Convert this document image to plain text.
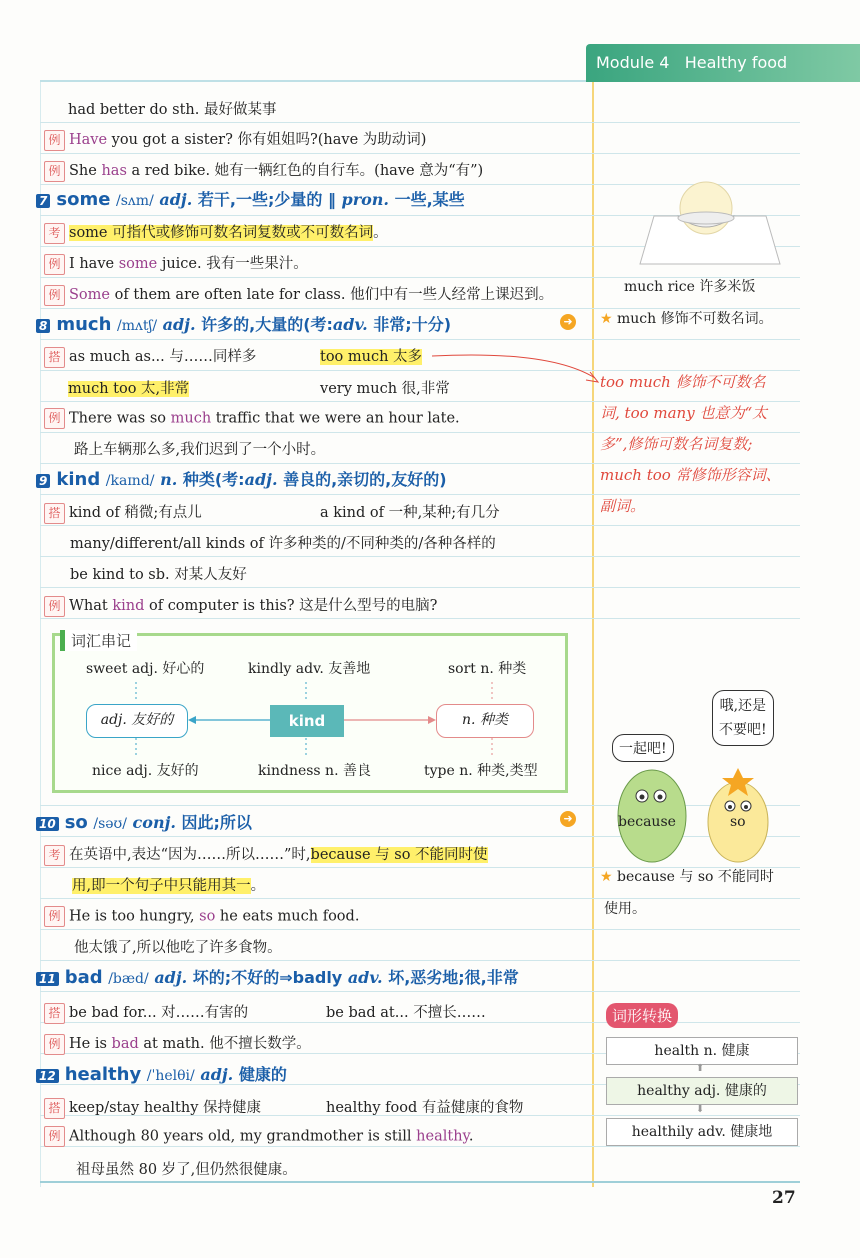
Module 4 Healthy food
had better do sth. 最好做某事
例 Have you got a sister? 你有姐姐吗?(have 为助动词)
例 She has a red bike. 她有一辆红色的自行车。(have 意为“有”)
7 some /sʌm/ adj. 若干,一些;少量的 ‖ pron. 一些,某些
考 some 可指代或修饰可数名词复数或不可数名词。
例 I have some juice. 我有一些果汁。
例 Some of them are often late for class. 他们中有一些人经常上课迟到。
8 much /mʌtʃ/ adj. 许多的,大量的(考:adv. 非常;十分)	➜
搭 as much as... 与……同样多	too much 太多
much too 太,非常	very much 很,非常
例 There was so much traffic that we were an hour late.
路上车辆那么多,我们迟到了一个小时。
9 kind /kaɪnd/ n. 种类(考:adj. 善良的,亲切的,友好的)
搭 kind of 稍微;有点儿	a kind of 一种,某种;有几分
many/different/all kinds of 许多种类的/不同种类的/各种各样的
be kind to sb. 对某人友好
例 What kind of computer is this? 这是什么型号的电脑?
词汇串记
sweet adj. 好心的	kindly adv. 友善地	sort n. 种类
adj. 友好的	kind	n. 种类
nice adj. 友好的	kindness n. 善良	type n. 种类,类型
10 so /səʊ/ conj. 因此;所以	➜
考 在英语中,表达“因为……所以……”时,because 与 so 不能同时使
用,即一个句子中只能用其一。
例 He is too hungry, so he eats much food.
他太饿了,所以他吃了许多食物。
11 bad /bæd/ adj. 坏的;不好的⇒badly adv. 坏,恶劣地;很,非常
搭 be bad for... 对……有害的	be bad at... 不擅长……
例 He is bad at math. 他不擅长数学。
12 healthy /ˈhelθi/ adj. 健康的
搭 keep/stay healthy 保持健康	healthy food 有益健康的食物
例 Although 80 years old, my grandmother is still healthy.
祖母虽然 80 岁了,但仍然很健康。
much rice 许多米饭
★ much 修饰不可数名词。
too much 修饰不可数名
词, too many 也意为“太
多”,修饰可数名词复数;
much too 常修饰形容词、
副词。
一起吧!
哦,还是
不要吧!
because	so
★ because 与 so 不能同时
使用。
词形转换
health n. 健康
⬆
healthy adj. 健康的
⬇
healthily adv. 健康地
27
